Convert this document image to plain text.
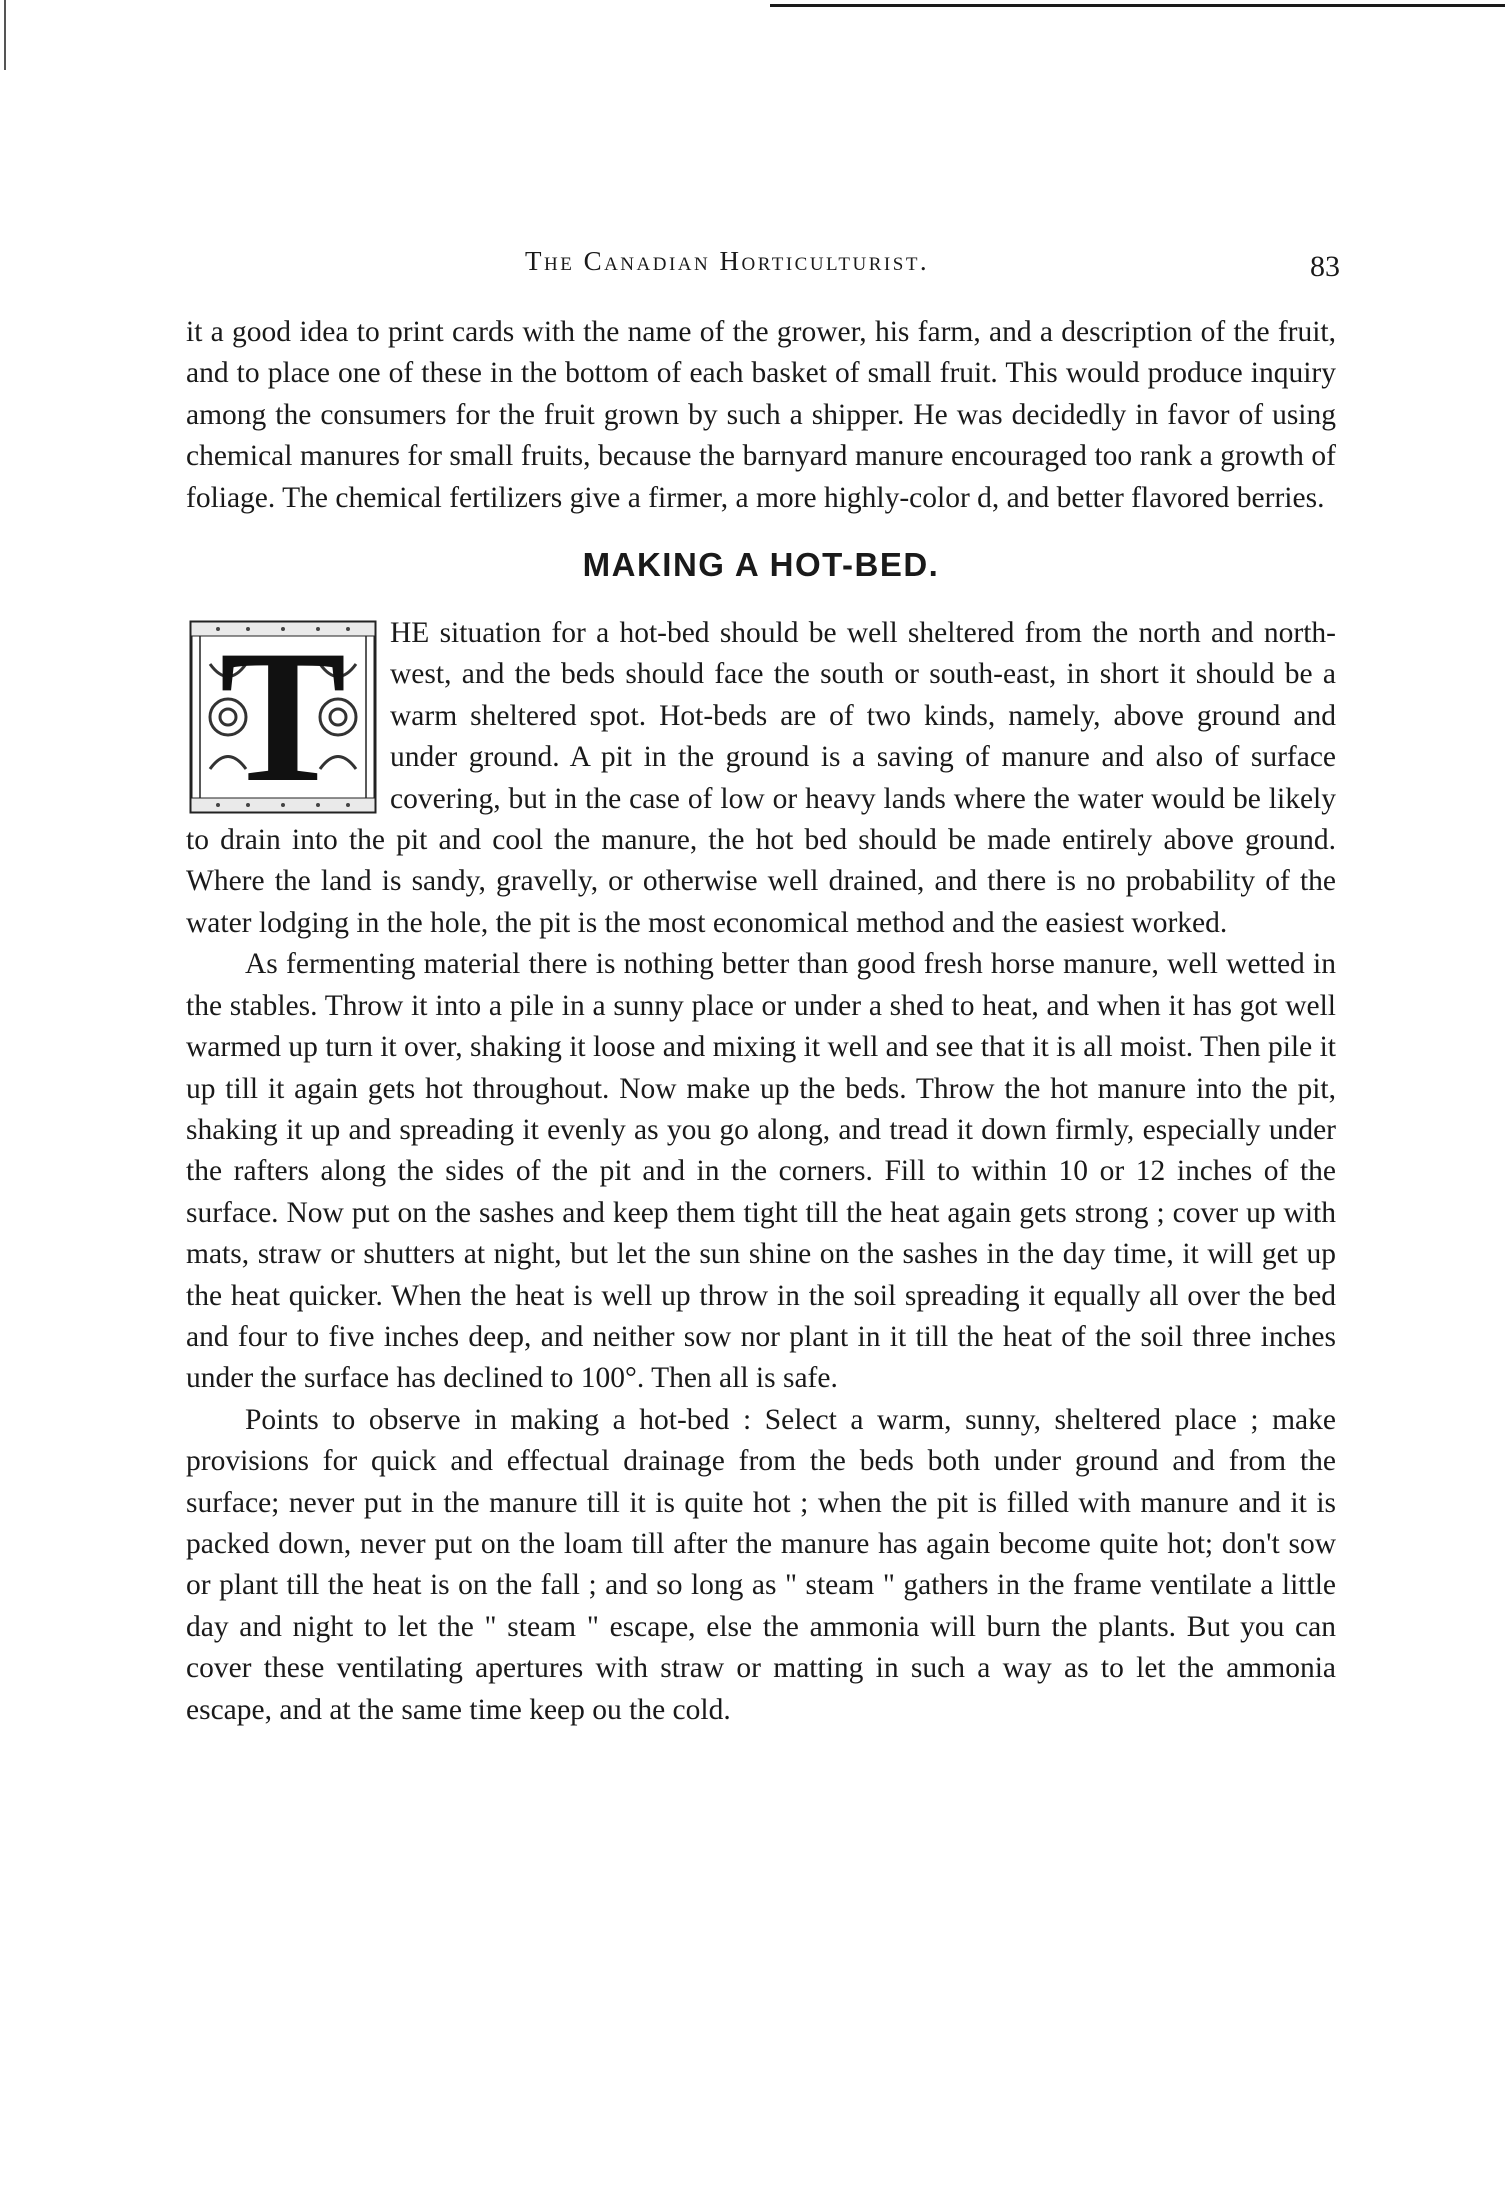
The Canadian Horticulturist.	83

it a good idea to print cards with the name of the grower, his farm, and a description of the fruit, and to place one of these in the bottom of each basket of small fruit. This would produce inquiry among the consumers for the fruit grown by such a shipper. He was decidedly in favor of using chemical manures for small fruits, because the barnyard manure encouraged too rank a growth of foliage. The chemical fertilizers give a firmer, a more highly-color d, and better flavored berries.

MAKING A HOT-BED.
T	HE situation for a hot-bed should be well sheltered from the north and north-west, and the beds should face the south or south-east, in short it should be a warm sheltered spot. Hot-beds are of two kinds, namely, above ground and under ground. A pit in the ground is a saving of manure and also of surface covering, but in the case of low or heavy lands where the water would be likely to drain into the pit and cool the manure, the hot bed should be made entirely above ground. Where the land is sandy, gravelly, or otherwise well drained, and there is no probability of the water lodging in the hole, the pit is the most economical method and the easiest worked.

As fermenting material there is nothing better than good fresh horse manure, well wetted in the stables. Throw it into a pile in a sunny place or under a shed to heat, and when it has got well warmed up turn it over, shaking it loose and mixing it well and see that it is all moist. Then pile it up till it again gets hot throughout. Now make up the beds. Throw the hot manure into the pit, shaking it up and spreading it evenly as you go along, and tread it down firmly, especially under the rafters along the sides of the pit and in the corners. Fill to within 10 or 12 inches of the surface. Now put on the sashes and keep them tight till the heat again gets strong ; cover up with mats, straw or shutters at night, but let the sun shine on the sashes in the day time, it will get up the heat quicker. When the heat is well up throw in the soil spreading it equally all over the bed and four to five inches deep, and neither sow nor plant in it till the heat of the soil three inches under the surface has declined to 100°. Then all is safe.

Points to observe in making a hot-bed : Select a warm, sunny, sheltered place ; make provisions for quick and effectual drainage from the beds both under ground and from the surface; never put in the manure till it is quite hot ; when the pit is filled with manure and it is packed down, never put on the loam till after the manure has again become quite hot; don't sow or plant till the heat is on the fall ; and so long as " steam " gathers in the frame ventilate a little day and night to let the " steam " escape, else the ammonia will burn the plants. But you can cover these ventilating apertures with straw or matting in such a way as to let the ammonia escape, and at the same time keep ou the cold.
